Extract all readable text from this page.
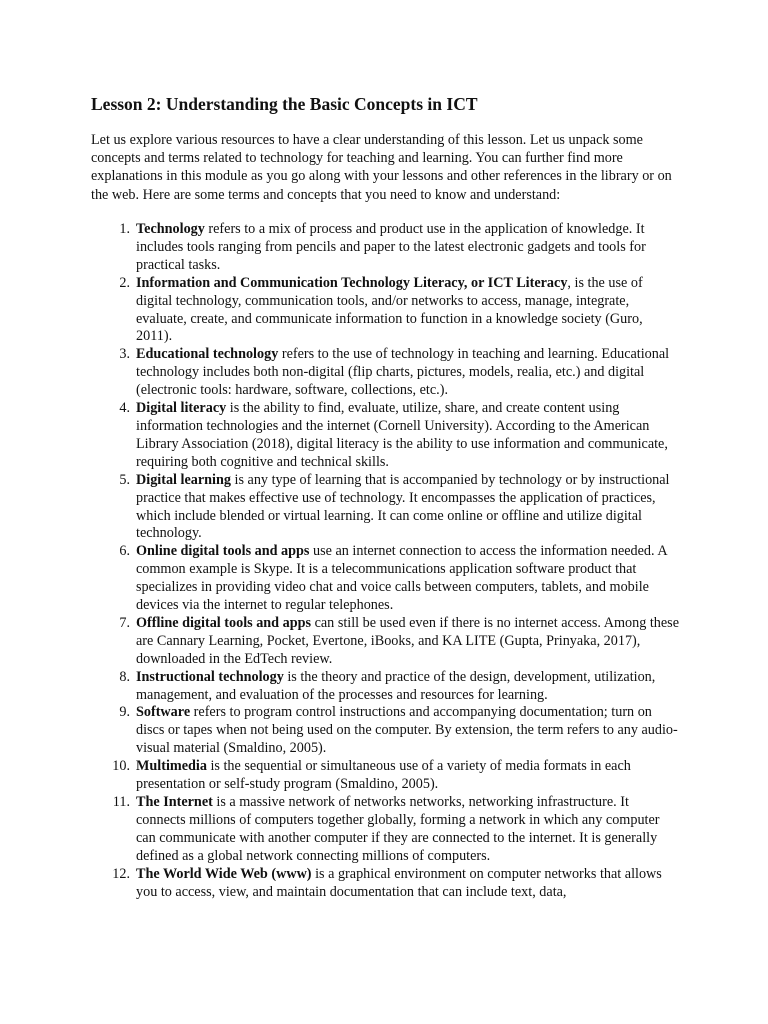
Lesson 2: Understanding the Basic Concepts in ICT
Let us explore various resources to have a clear understanding of this lesson. Let us unpack some concepts and terms related to technology for teaching and learning. You can further find more explanations in this module as you go along with your lessons and other references in the library or on the web. Here are some terms and concepts that you need to know and understand:
1. Technology refers to a mix of process and product use in the application of knowledge. It includes tools ranging from pencils and paper to the latest electronic gadgets and tools for practical tasks.
2. Information and Communication Technology Literacy, or ICT Literacy, is the use of digital technology, communication tools, and/or networks to access, manage, integrate, evaluate, create, and communicate information to function in a knowledge society (Guro, 2011).
3. Educational technology refers to the use of technology in teaching and learning. Educational technology includes both non-digital (flip charts, pictures, models, realia, etc.) and digital (electronic tools: hardware, software, collections, etc.).
4. Digital literacy is the ability to find, evaluate, utilize, share, and create content using information technologies and the internet (Cornell University). According to the American Library Association (2018), digital literacy is the ability to use information and communicate, requiring both cognitive and technical skills.
5. Digital learning is any type of learning that is accompanied by technology or by instructional practice that makes effective use of technology. It encompasses the application of practices, which include blended or virtual learning. It can come online or offline and utilize digital technology.
6. Online digital tools and apps use an internet connection to access the information needed. A common example is Skype. It is a telecommunications application software product that specializes in providing video chat and voice calls between computers, tablets, and mobile devices via the internet to regular telephones.
7. Offline digital tools and apps can still be used even if there is no internet access. Among these are Cannary Learning, Pocket, Evertone, iBooks, and KA LITE (Gupta, Prinyaka, 2017), downloaded in the EdTech review.
8. Instructional technology is the theory and practice of the design, development, utilization, management, and evaluation of the processes and resources for learning.
9. Software refers to program control instructions and accompanying documentation; turn on discs or tapes when not being used on the computer. By extension, the term refers to any audio-visual material (Smaldino, 2005).
10. Multimedia is the sequential or simultaneous use of a variety of media formats in each presentation or self-study program (Smaldino, 2005).
11. The Internet is a massive network of networks networks, networking infrastructure. It connects millions of computers together globally, forming a network in which any computer can communicate with another computer if they are connected to the internet. It is generally defined as a global network connecting millions of computers.
12. The World Wide Web (www) is a graphical environment on computer networks that allows you to access, view, and maintain documentation that can include text, data,
